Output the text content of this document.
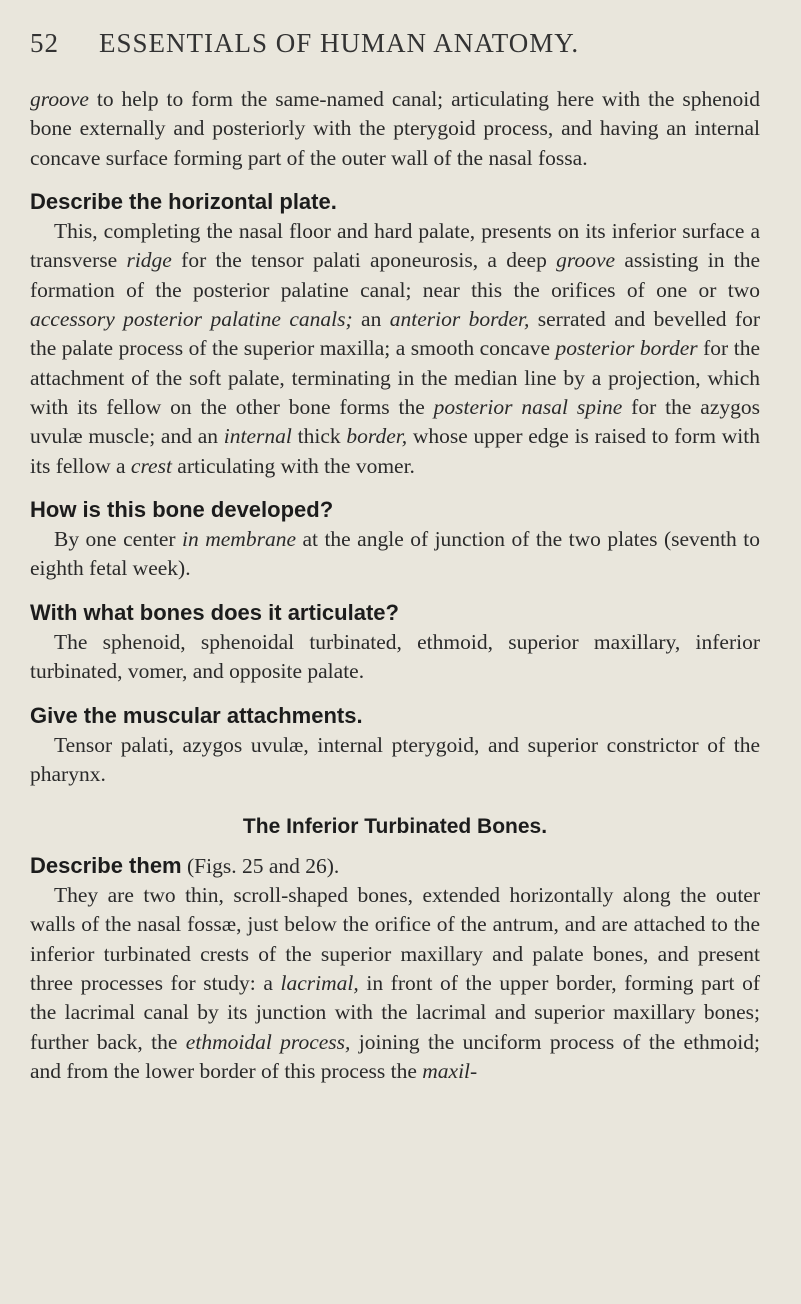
52 ESSENTIALS OF HUMAN ANATOMY.

groove to help to form the same-named canal; articulating here with the sphenoid bone externally and posteriorly with the pterygoid process, and having an internal concave surface forming part of the outer wall of the nasal fossa.

Describe the horizontal plate.

This, completing the nasal floor and hard palate, presents on its inferior surface a transverse ridge for the tensor palati aponeurosis, a deep groove assisting in the formation of the posterior palatine canal; near this the orifices of one or two accessory posterior palatine canals; an anterior border, serrated and bevelled for the palate process of the superior maxilla; a smooth concave posterior border for the attachment of the soft palate, terminating in the median line by a projection, which with its fellow on the other bone forms the posterior nasal spine for the azygos uvulæ muscle; and an internal thick border, whose upper edge is raised to form with its fellow a crest articulating with the vomer.

How is this bone developed?

By one center in membrane at the angle of junction of the two plates (seventh to eighth fetal week).

With what bones does it articulate?

The sphenoid, sphenoidal turbinated, ethmoid, superior maxillary, inferior turbinated, vomer, and opposite palate.

Give the muscular attachments.

Tensor palati, azygos uvulæ, internal pterygoid, and superior constrictor of the pharynx.

The Inferior Turbinated Bones.

Describe them (Figs. 25 and 26).

They are two thin, scroll-shaped bones, extended horizontally along the outer walls of the nasal fossæ, just below the orifice of the antrum, and are attached to the inferior turbinated crests of the superior maxillary and palate bones, and present three processes for study: a lacrimal, in front of the upper border, forming part of the lacrimal canal by its junction with the lacrimal and superior maxillary bones; further back, the ethmoidal process, joining the unciform process of the ethmoid; and from the lower border of this process the maxil-
